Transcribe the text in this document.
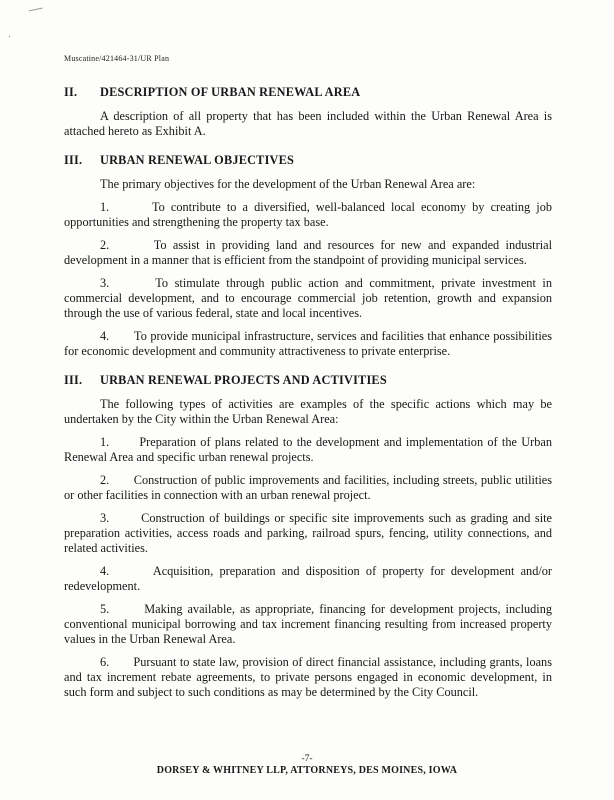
.
Muscatine/421464-31/UR Plan
II.	DESCRIPTION OF URBAN RENEWAL AREA

A description of all property that has been included within the Urban Renewal Area is attached hereto as Exhibit A.

III.	URBAN RENEWAL OBJECTIVES

The primary objectives for the development of the Urban Renewal Area are:

1.       To contribute to a diversified, well-balanced local economy by creating job opportunities and strengthening the property tax base.

2.       To assist in providing land and resources for new and expanded industrial development in a manner that is efficient from the standpoint of providing municipal services.

3.       To stimulate through public action and commitment, private investment in commercial development, and to encourage commercial job retention, growth and expansion through the use of various federal, state and local incentives.

4.       To provide municipal infrastructure, services and facilities that enhance possibilities for economic development and community attractiveness to private enterprise.

III.	URBAN RENEWAL PROJECTS AND ACTIVITIES

The following types of activities are examples of the specific actions which may be undertaken by the City within the Urban Renewal Area:

1.       Preparation of plans related to the development and implementation of the Urban Renewal Area and specific urban renewal projects.

2.       Construction of public improvements and facilities, including streets, public utilities or other facilities in connection with an urban renewal project.

3.       Construction of buildings or specific site improvements such as grading and site preparation activities, access roads and parking, railroad spurs, fencing, utility connections, and related activities.

4.       Acquisition, preparation and disposition of property for development and/or redevelopment.

5.       Making available, as appropriate, financing for development projects, including conventional municipal borrowing and tax increment financing resulting from increased property values in the Urban Renewal Area.

6.       Pursuant to state law, provision of direct financial assistance, including grants, loans and tax increment rebate agreements, to private persons engaged in economic development, in such form and subject to such conditions as may be determined by the City Council.

-7-
DORSEY & WHITNEY LLP, ATTORNEYS, DES MOINES, IOWA
